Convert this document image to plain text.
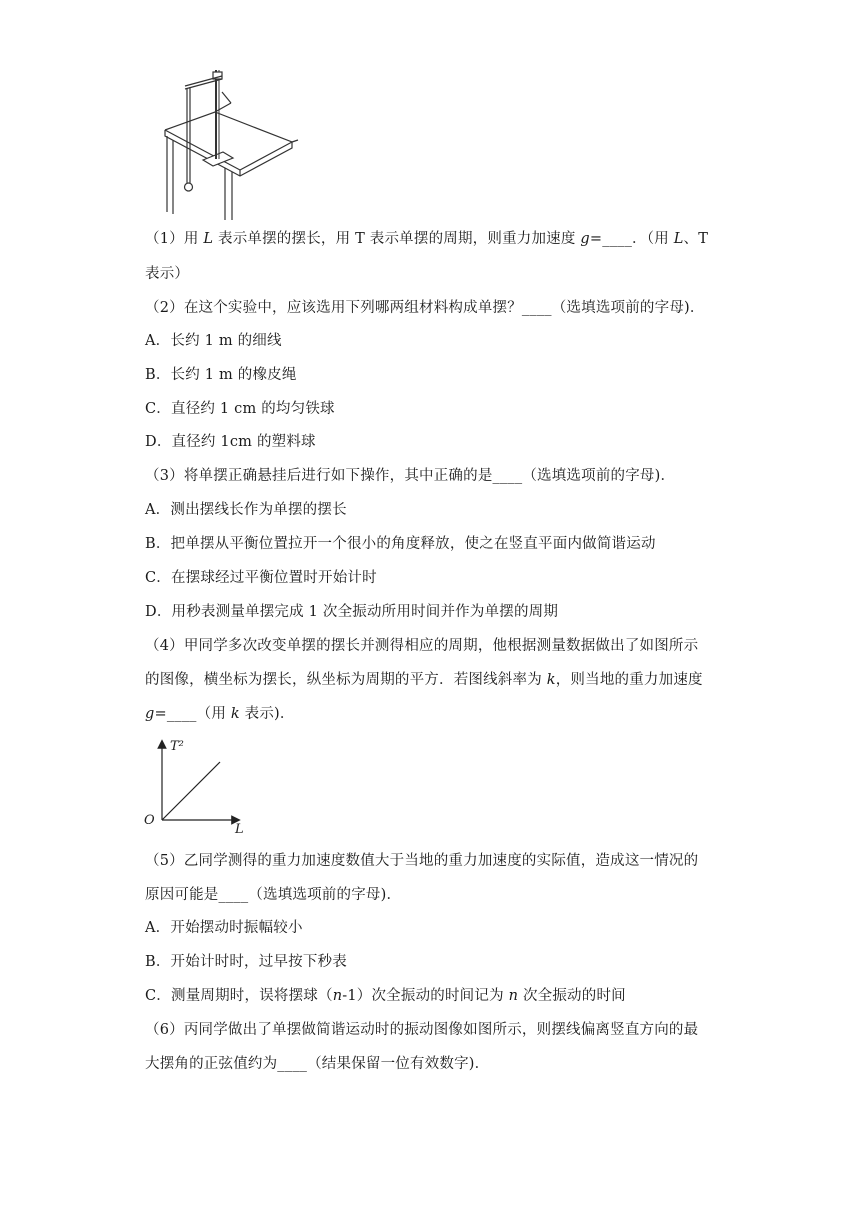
（1）用 L 表示单摆的摆长，用 T 表示单摆的周期，则重力加速度 g=____．（用 L、T
表示）
（2）在这个实验中，应该选用下列哪两组材料构成单摆？____（选填选项前的字母)．
A．长约 1 m 的细线
B．长约 1 m 的橡皮绳
C．直径约 1 cm 的均匀铁球
D．直径约 1cm 的塑料球
（3）将单摆正确悬挂后进行如下操作，其中正确的是____（选填选项前的字母)．
A．测出摆线长作为单摆的摆长
B．把单摆从平衡位置拉开一个很小的角度释放，使之在竖直平面内做简谐运动
C．在摆球经过平衡位置时开始计时
D．用秒表测量单摆完成 1 次全振动所用时间并作为单摆的周期
（4）甲同学多次改变单摆的摆长并测得相应的周期，他根据测量数据做出了如图所示
的图像，横坐标为摆长，纵坐标为周期的平方．若图线斜率为 k，则当地的重力加速度
g=____（用 k 表示)．
T²
L
O
（5）乙同学测得的重力加速度数值大于当地的重力加速度的实际值，造成这一情况的
原因可能是____（选填选项前的字母)．
A．开始摆动时振幅较小
B．开始计时时，过早按下秒表
C．测量周期时，误将摆球（n-1）次全振动的时间记为 n 次全振动的时间
（6）丙同学做出了单摆做简谐运动时的振动图像如图所示，则摆线偏离竖直方向的最
大摆角的正弦值约为____（结果保留一位有效数字)．
